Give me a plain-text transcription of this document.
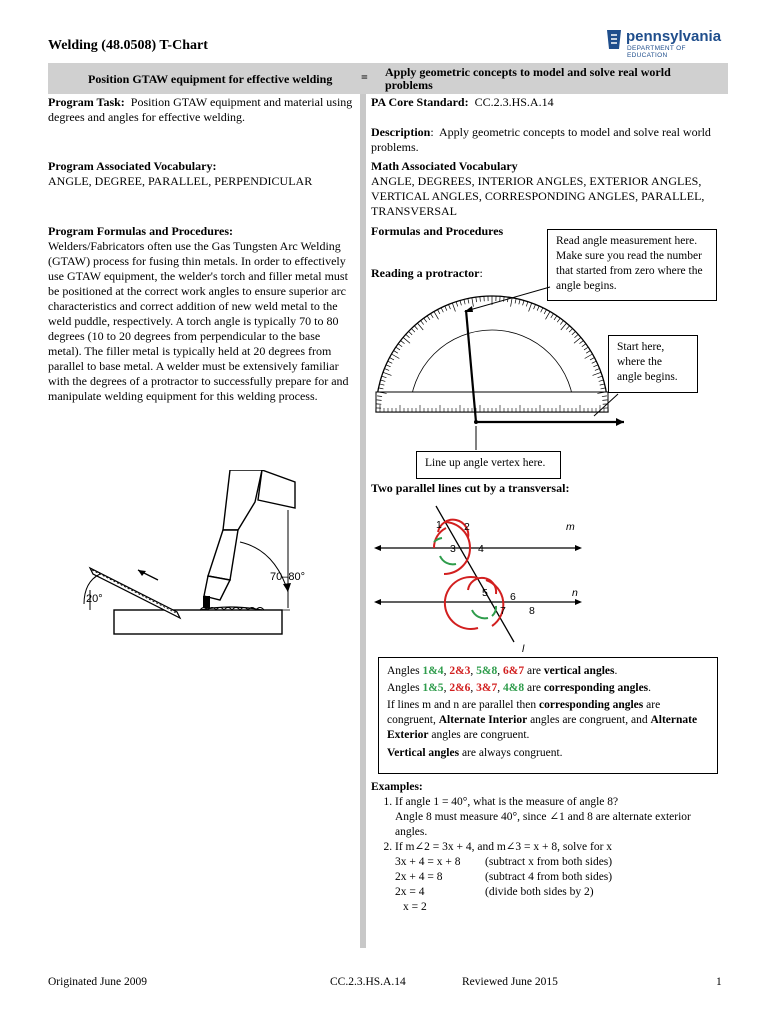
Welding (48.0508) T-Chart
pennsylvania
DEPARTMENT OF EDUCATION
Position GTAW equipment for effective welding = Apply geometric concepts to model and solve real world problems
Program Task: Position GTAW equipment and material using degrees and angles for effective welding.
Program Associated Vocabulary:
ANGLE, DEGREE, PARALLEL, PERPENDICULAR
Program Formulas and Procedures:
Welders/Fabricators often use the Gas Tungsten Arc Welding (GTAW) process for fusing thin metals. In order to effectively use GTAW equipment, the welder's torch and filler metal must be positioned at the correct work angles to ensure superior arc characteristics and correct addition of new weld metal to the weld puddle, respectively. A torch angle is typically 70 to 80 degrees (10 to 20 degrees from perpendicular to the base metal). The filler metal is typically held at 20 degrees from parallel to base metal. A welder must be extensively familiar with the degrees of a protractor to successfully prepare for and manipulate welding equipment for this welding process.
70–80°
20°
PA Core Standard: CC.2.3.HS.A.14
Description:  Apply geometric concepts to model and solve real world problems.
Math Associated Vocabulary
ANGLE, DEGREES, INTERIOR ANGLES, EXTERIOR ANGLES, VERTICAL ANGLES, CORRESPONDING ANGLES, PARALLEL, TRANSVERSAL
Formulas and Procedures
Reading a protractor:
Read angle measurement here. Make sure you read the number that started from zero where the angle begins.
Start here, where the angle begins.
Line up angle vertex here.
Two parallel lines cut by a transversal:
1 2
3 4
5 6
7 8
m
n
l

Angles 1&4, 2&3, 5&8, 6&7 are vertical angles.

Angles 1&5, 2&6, 3&7, 4&8 are corresponding angles.

If lines m and n are parallel then corresponding angles are congruent, Alternate Interior angles are congruent, and Alternate Exterior angles are congruent.

Vertical angles are always congruent.

Examples:
1. If angle 1 = 40°, what is the measure of angle 8?
Angle 8 must measure 40°, since ∠1 and 8 are alternate exterior angles.
2. If m∠2 = 3x + 4, and m∠3 = x + 8, solve for x
3x + 4 = x + 8	(subtract x from both sides)
2x + 4 = 8	(subtract 4 from both sides)
2x = 4	(divide both sides by 2)
x = 2
Originated June 2009	CC.2.3.HS.A.14	Reviewed June 2015	1
